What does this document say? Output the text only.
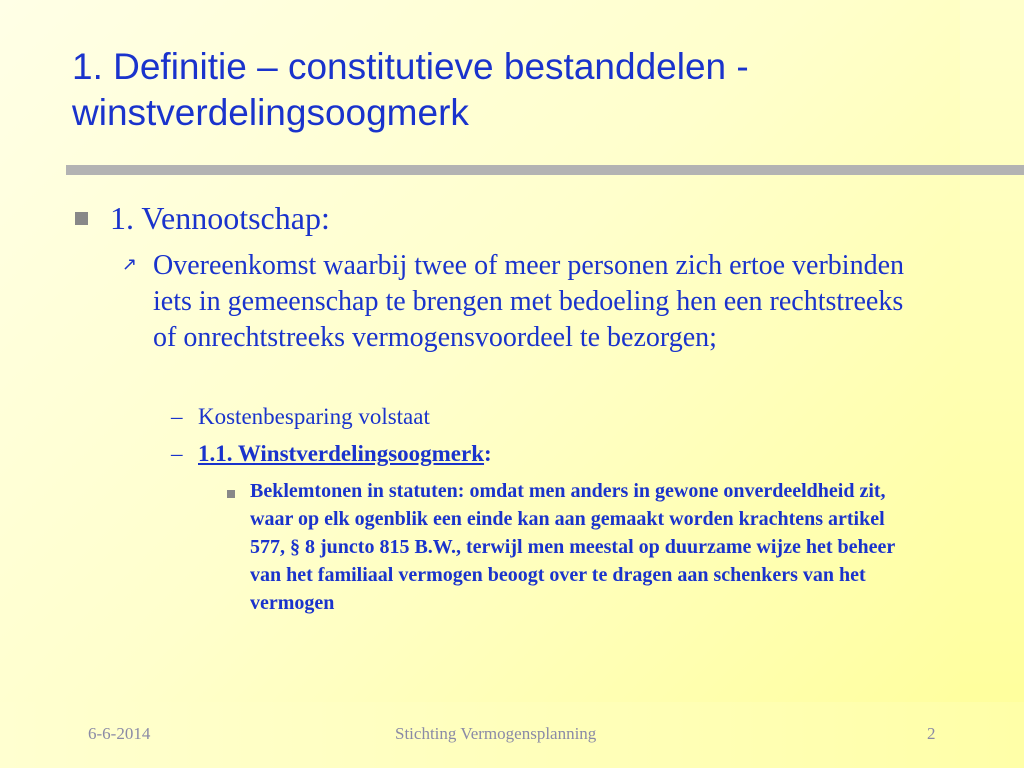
1. Definitie – constitutieve bestanddelen - winstverdelingsoogmerk
1. Vennootschap:
↗ Overeenkomst waarbij twee of meer personen zich ertoe verbinden iets in gemeenschap te brengen met bedoeling hen een rechtstreeks of onrechtstreeks vermogensvoordeel te bezorgen;
– Kostenbesparing volstaat
– 1.1. Winstverdelingsoogmerk:
Beklemtonen in statuten: omdat men anders in gewone onverdeeldheid zit, waar op elk ogenblik een einde kan aan gemaakt worden krachtens artikel 577, § 8 juncto 815 B.W., terwijl men meestal op duurzame wijze het beheer van het familiaal vermogen beoogt over te dragen aan schenkers van het vermogen
6-6-2014	Stichting Vermogensplanning	2
